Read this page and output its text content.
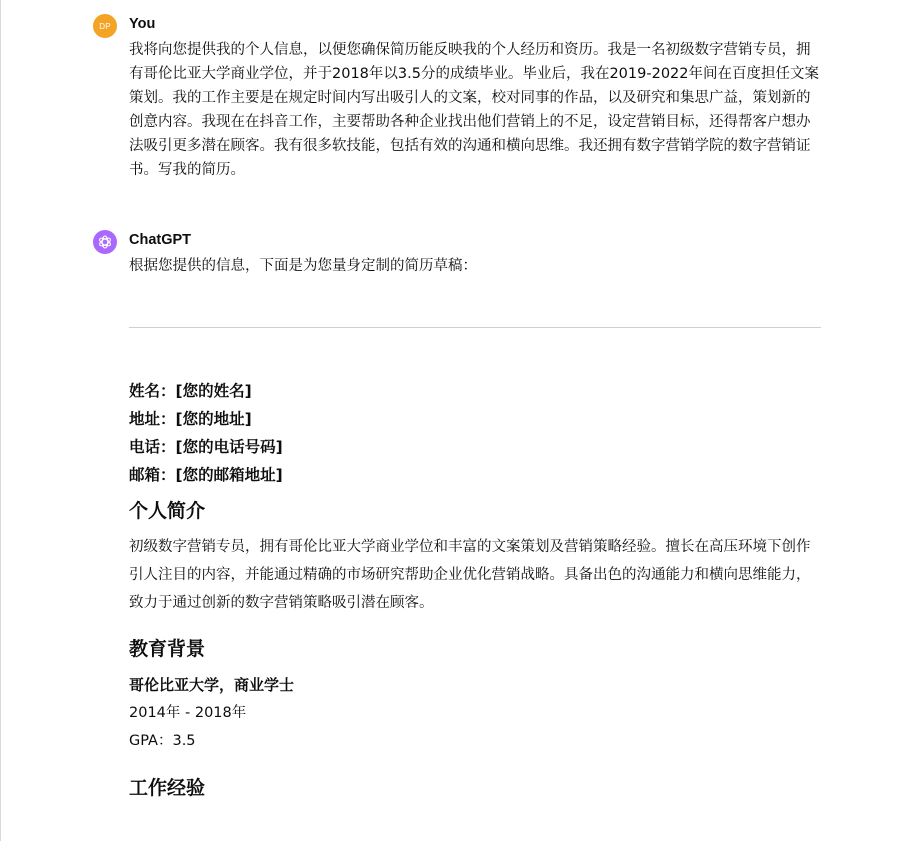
DP You

我将向您提供我的个人信息，以便您确保简历能反映我的个人经历和资历。我是一名初级数字营销专员，拥有哥伦比亚大学商业学位，并于2018年以3.5分的成绩毕业。毕业后，我在2019-2022年间在百度担任文案策划。我的工作主要是在规定时间内写出吸引人的文案，校对同事的作品，以及研究和集思广益，策划新的创意内容。我现在在抖音工作，主要帮助各种企业找出他们营销上的不足，设定营销目标，还得帮客户想办法吸引更多潜在顾客。我有很多软技能，包括有效的沟通和横向思维。我还拥有数字营销学院的数字营销证书。写我的简历。

ChatGPT

根据您提供的信息，下面是为您量身定制的简历草稿：

姓名：[您的姓名]

地址：[您的地址]

电话：[您的电话号码]

邮箱：[您的邮箱地址]

个人简介

初级数字营销专员，拥有哥伦比亚大学商业学位和丰富的文案策划及营销策略经验。擅长在高压环境下创作引人注目的内容，并能通过精确的市场研究帮助企业优化营销战略。具备出色的沟通能力和横向思维能力，致力于通过创新的数字营销策略吸引潜在顾客。

教育背景

哥伦比亚大学，商业学士

2014年 - 2018年

GPA：3.5

工作经验
